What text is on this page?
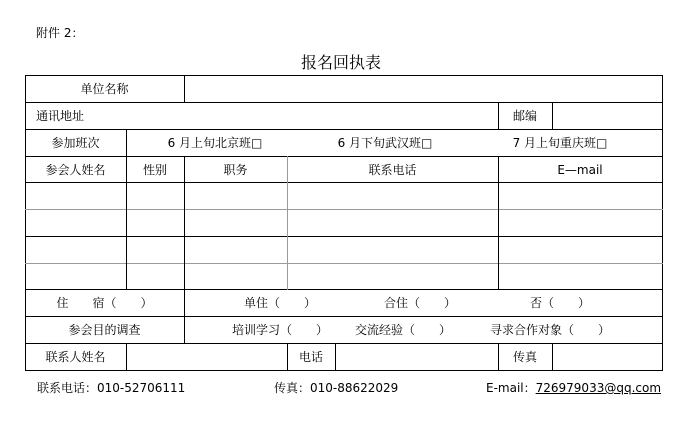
附件 2：
报名回执表
单位名称
通讯地址	邮编
参加班次	6 月上旬北京班□	6 月下旬武汉班□	7 月上旬重庆班□
参会人姓名	性别	职务	联系电话	E—mail
住　　宿（　　）	单住（　　）	合住（　　）	否（　　）
参会目的调查	培训学习（　　）	交流经验（　　）	寻求合作对象（　　）
联系人姓名	电话	传真
联系电话：010-52706111	传真：010-88622029	E-mail：726979033@qq.com
